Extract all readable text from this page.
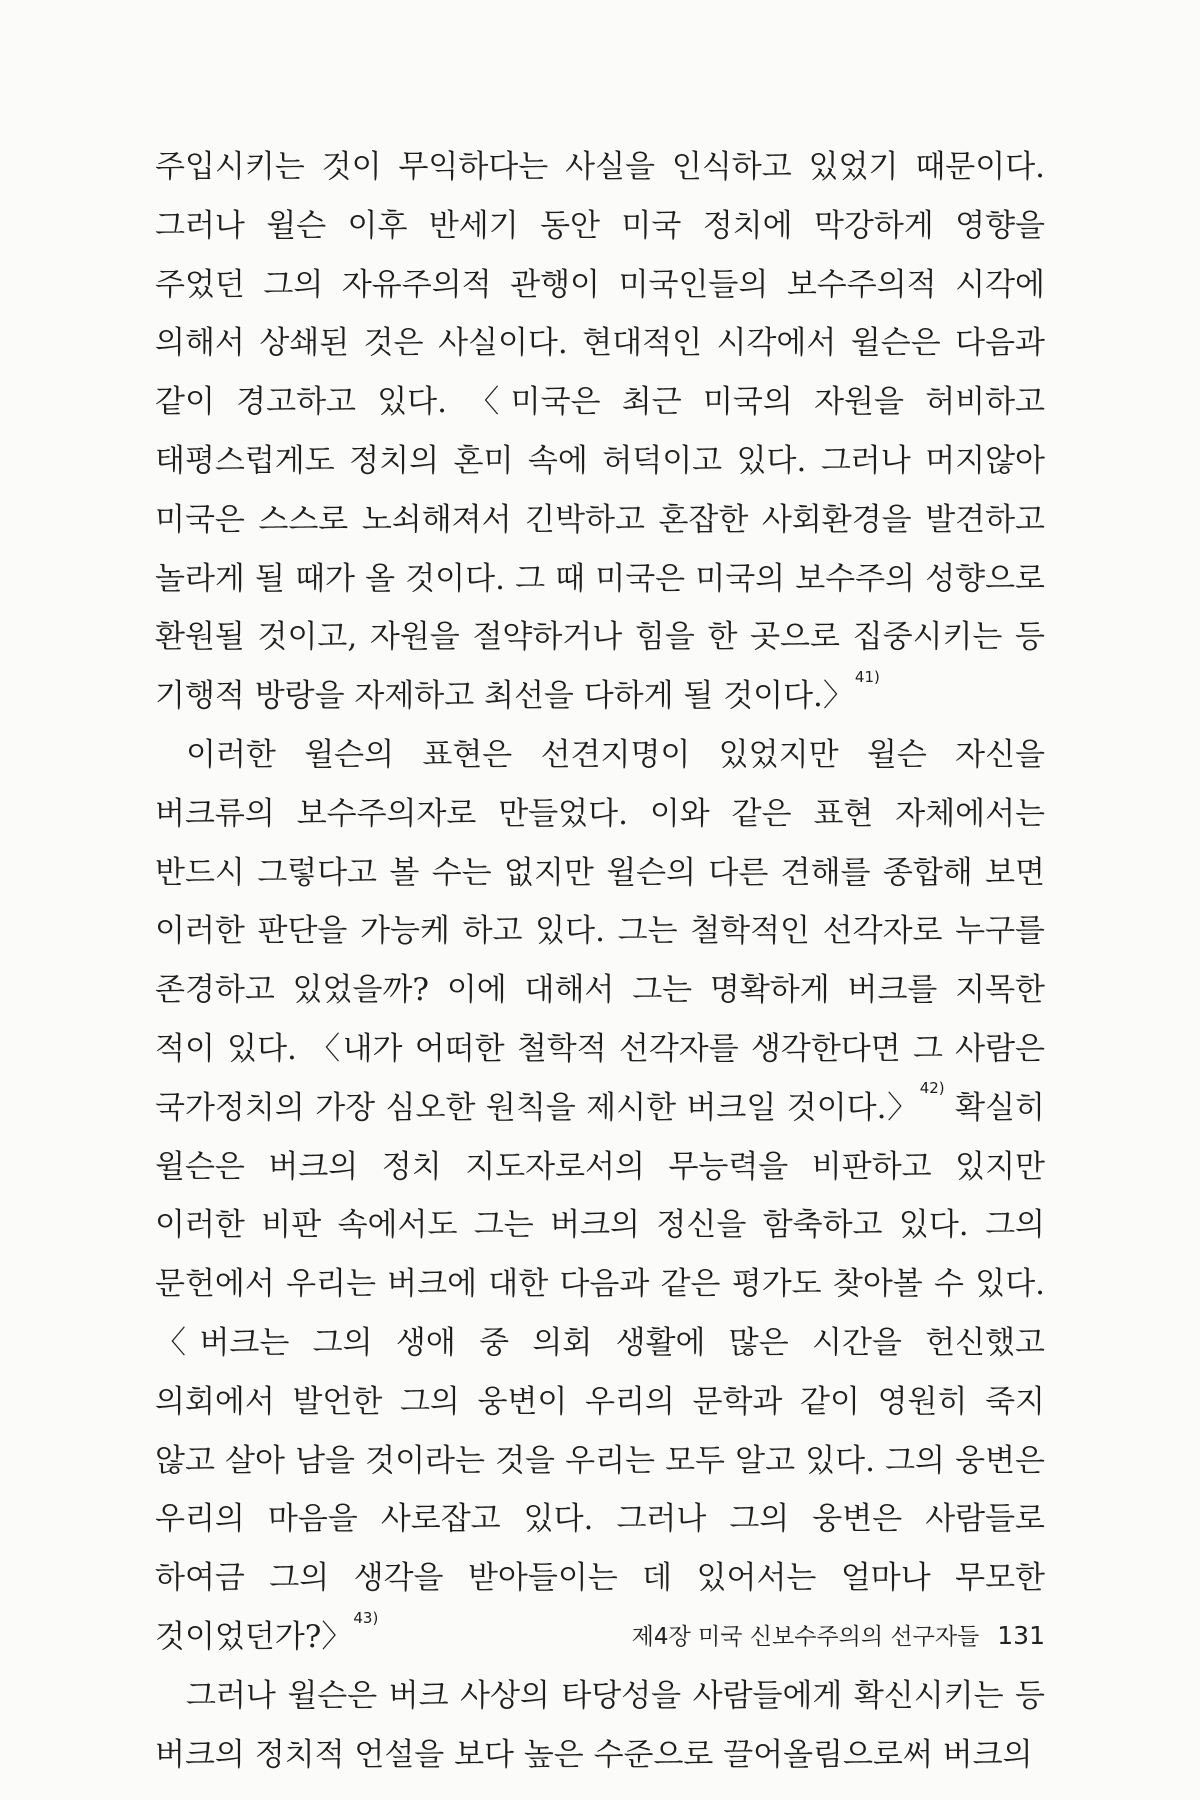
주입시키는 것이 무익하다는 사실을 인식하고 있었기 때문이다. 그러나 윌슨 이후 반세기 동안 미국 정치에 막강하게 영향을 주었던 그의 자유주의적 관행이 미국인들의 보수주의적 시각에 의해서 상쇄된 것은 사실이다. 현대적인 시각에서 윌슨은 다음과 같이 경고하고 있다. 〈미국은 최근 미국의 자원을 허비하고 태평스럽게도 정치의 혼미 속에 허덕이고 있다. 그러나 머지않아 미국은 스스로 노쇠해져서 긴박하고 혼잡한 사회환경을 발견하고 놀라게 될 때가 올 것이다. 그 때 미국은 미국의 보수주의 성향으로 환원될 것이고, 자원을 절약하거나 힘을 한 곳으로 집중시키는 등 기행적 방랑을 자제하고 최선을 다하게 될 것이다.〉$^{41)}$

이러한 윌슨의 표현은 선견지명이 있었지만 윌슨 자신을 버크류의 보수주의자로 만들었다. 이와 같은 표현 자체에서는 반드시 그렇다고 볼 수는 없지만 윌슨의 다른 견해를 종합해 보면 이러한 판단을 가능케 하고 있다. 그는 철학적인 선각자로 누구를 존경하고 있었을까? 이에 대해서 그는 명확하게 버크를 지목한 적이 있다. 〈내가 어떠한 철학적 선각자를 생각한다면 그 사람은 국가정치의 가장 심오한 원칙을 제시한 버크일 것이다.〉$^{42)}$ 확실히 윌슨은 버크의 정치 지도자로서의 무능력을 비판하고 있지만 이러한 비판 속에서도 그는 버크의 정신을 함축하고 있다. 그의 문헌에서 우리는 버크에 대한 다음과 같은 평가도 찾아볼 수 있다. 〈버크는 그의 생애 중 의회 생활에 많은 시간을 헌신했고 의회에서 발언한 그의 웅변이 우리의 문학과 같이 영원히 죽지 않고 살아 남을 것이라는 것을 우리는 모두 알고 있다. 그의 웅변은 우리의 마음을 사로잡고 있다. 그러나 그의 웅변은 사람들로 하여금 그의 생각을 받아들이는 데 있어서는 얼마나 무모한 것이었던가?〉$^{43)}$

그러나 윌슨은 버크 사상의 타당성을 사람들에게 확신시키는 등 버크의 정치적 언설을 보다 높은 수준으로 끌어올림으로써 버크의

제4장 미국 신보수주의의 선구자들 131
